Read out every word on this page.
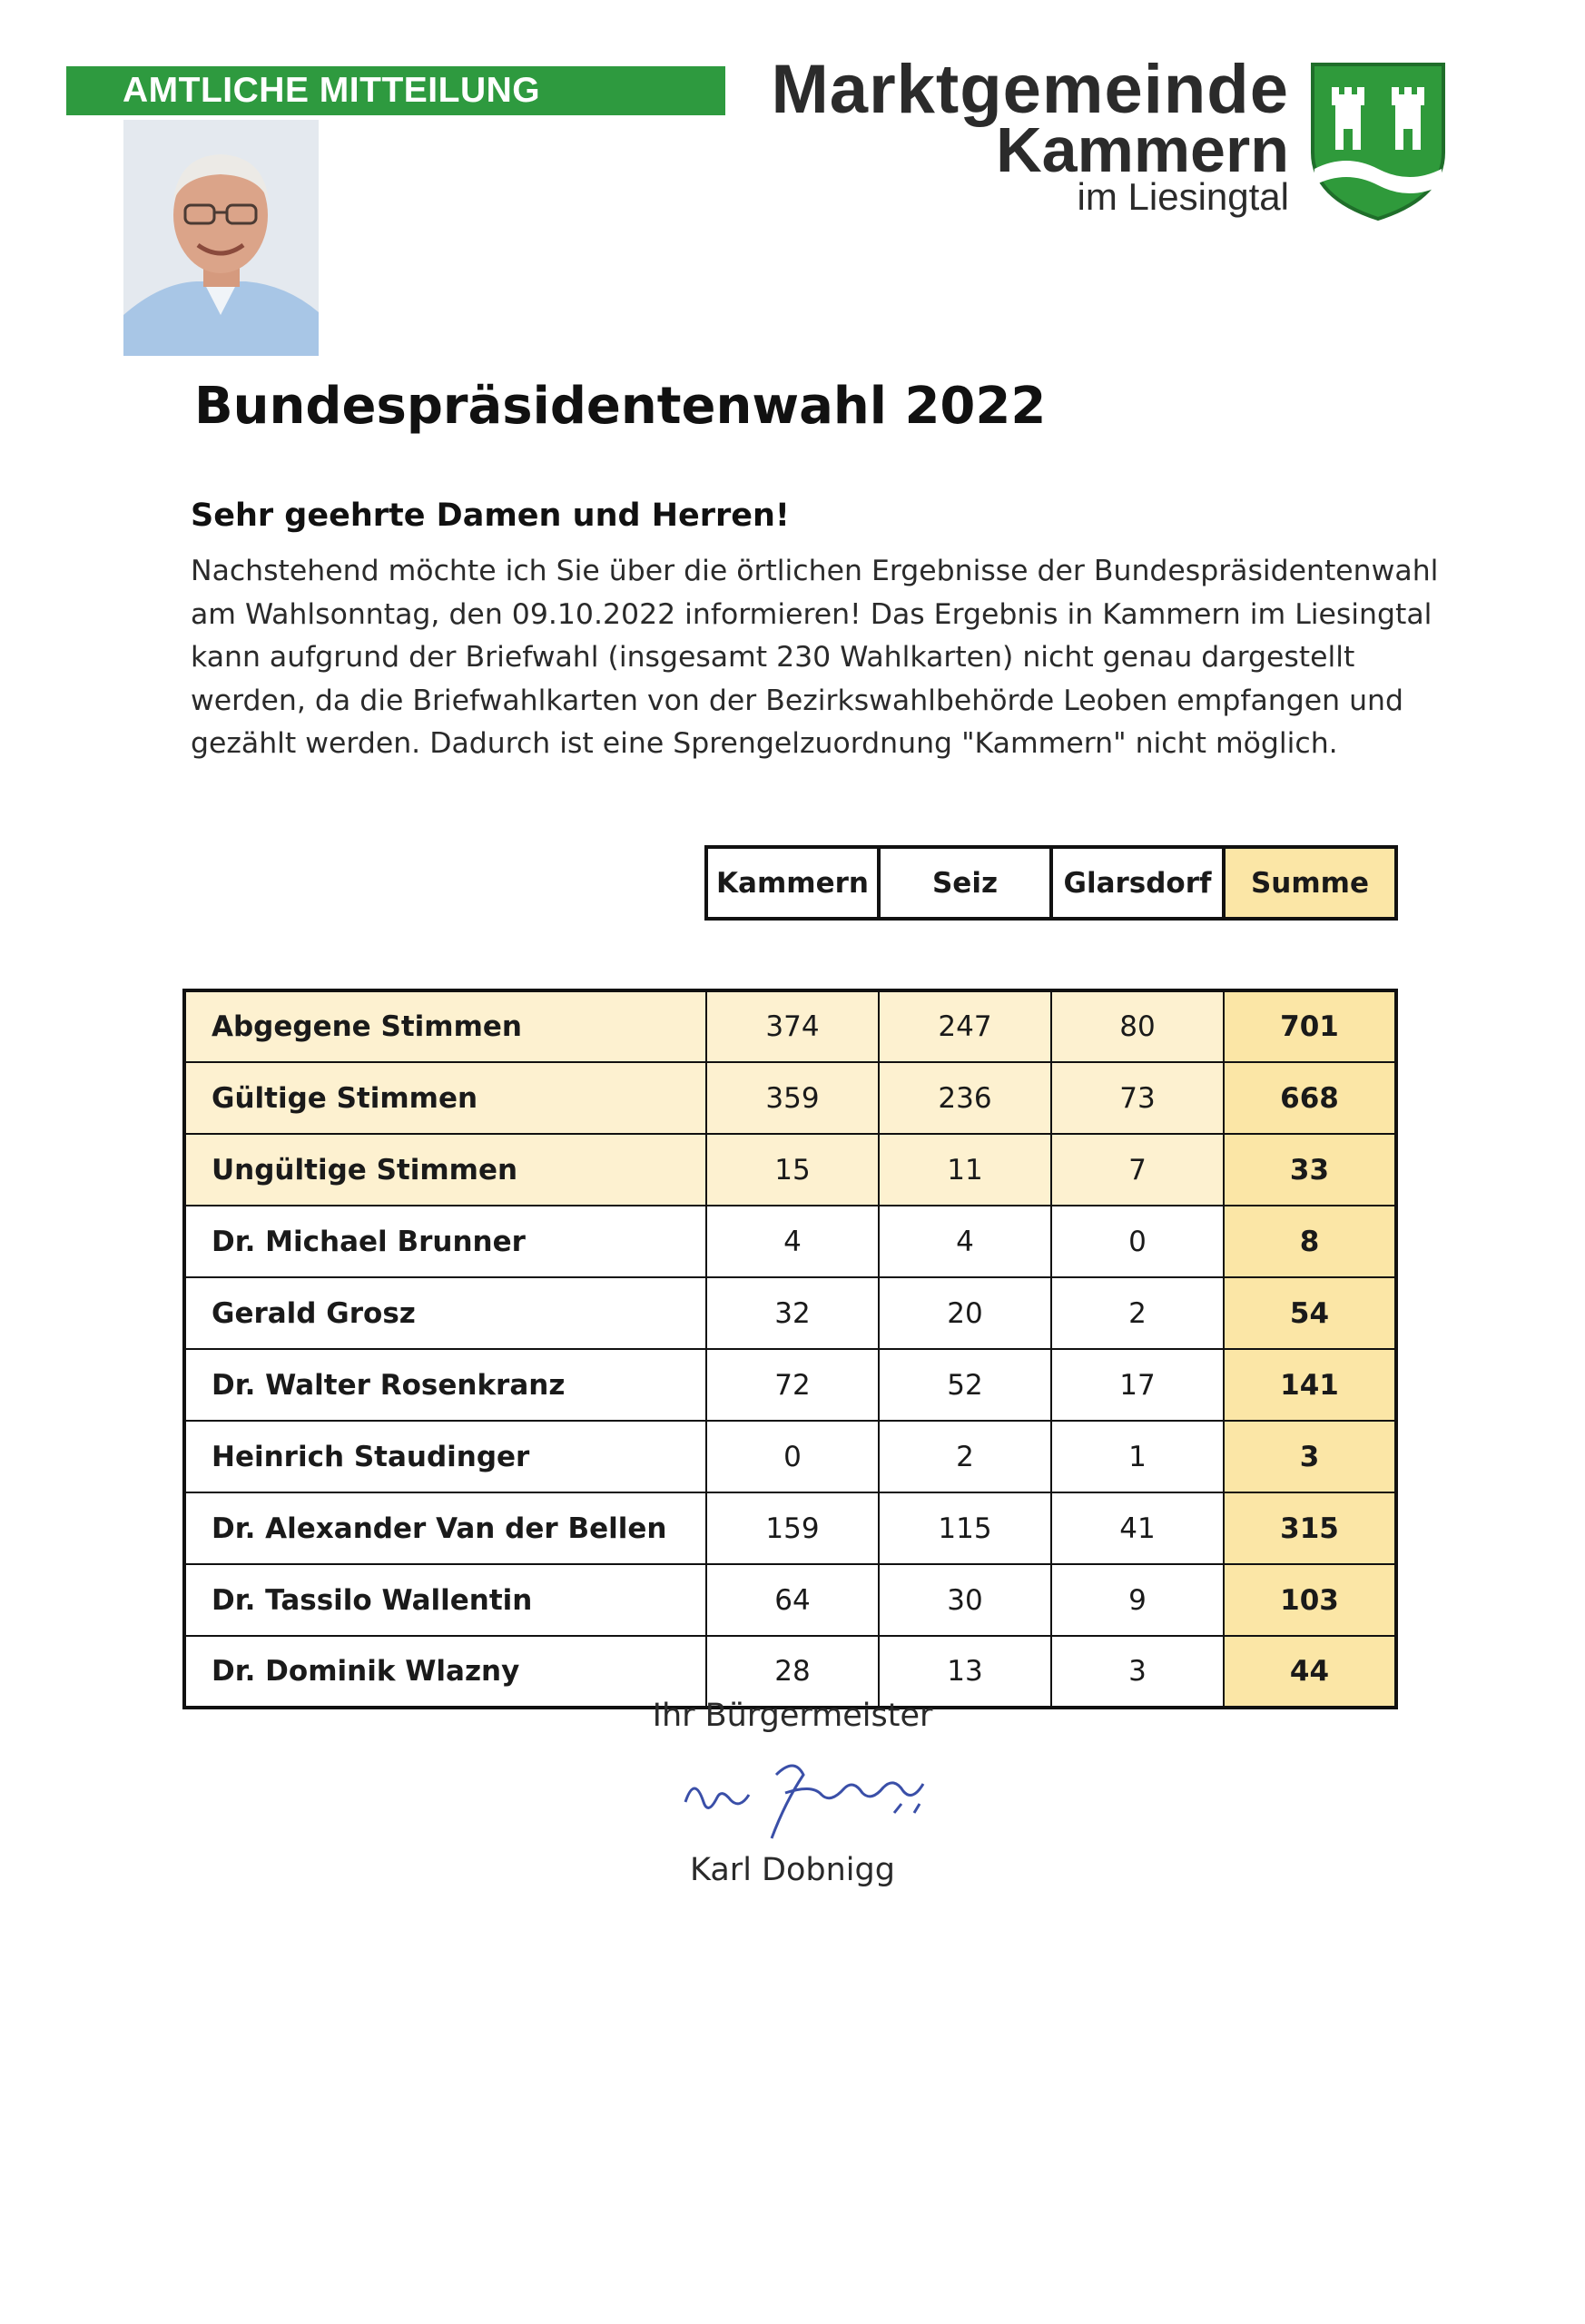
AMTLICHE MITTEILUNG	Marktgemeinde
Kammern
im Liesingtal
Bundespräsidentenwahl 2022

Sehr geehrte Damen und Herren!

Nachstehend möchte ich Sie über die örtlichen Ergebnisse der Bundespräsidentenwahl am Wahlsonntag, den 09.10.2022 informieren! Das Ergebnis in Kammern im Liesingtal kann aufgrund der Briefwahl (insgesamt 230 Wahlkarten) nicht genau dargestellt werden, da die Briefwahlkarten von der Bezirkswahlbehörde Leoben empfangen und gezählt werden. Dadurch ist eine Sprengelzuordnung "Kammern" nicht möglich.

	Kammern	Seiz	Glarsdorf	Summe

Abgegene Stimmen	374	247	80	701
Gültige Stimmen	359	236	73	668
Ungültige Stimmen	15	11	7	33
Dr. Michael Brunner	4	4	0	8
Gerald Grosz	32	20	2	54
Dr. Walter Rosenkranz	72	52	17	141
Heinrich Staudinger	0	2	1	3
Dr. Alexander Van der Bellen	159	115	41	315
Dr. Tassilo Wallentin	64	30	9	103
Dr. Dominik Wlazny	28	13	3	44
Ihr Bürgermeister
Karl Dobnigg
